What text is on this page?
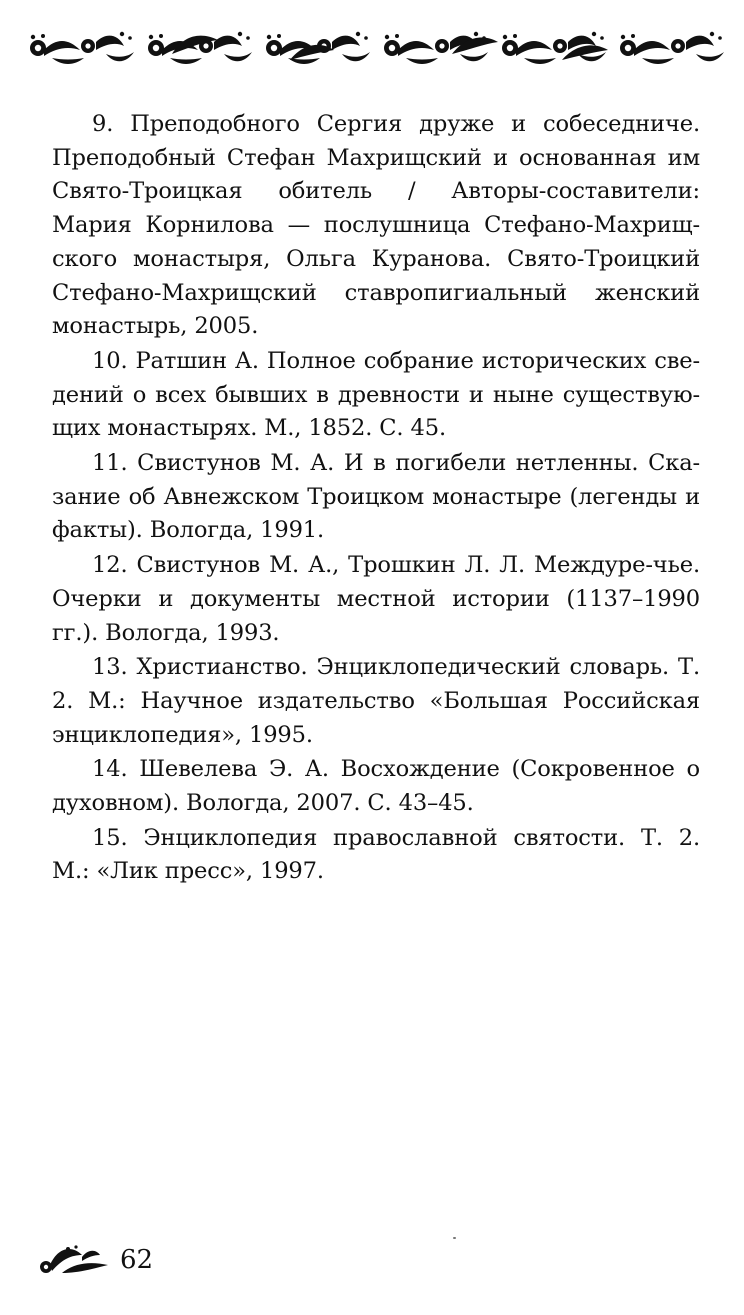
9. Преподобного Сергия друже и собеседниче. Преподобный Стефан Махрищский и основанная им Свято-Троицкая обитель / Авторы-составители: Мария Корнилова — послушница Стефано-Махрищ-ского монастыря, Ольга Куранова. Свято-Троицкий Стефано-Махрищский ставропигиальный женский монастырь, 2005.
10. Ратшин А. Полное собрание исторических све-дений о всех бывших в древности и ныне существую-щих монастырях. М., 1852. С. 45.
11. Свистунов М. А. И в погибели нетленны. Ска-зание об Авнежском Троицком монастыре (легенды и факты). Вологда, 1991.
12. Свистунов М. А., Трошкин Л. Л. Междуре-чье. Очерки и документы местной истории (1137–1990 гг.). Вологда, 1993.
13. Христианство. Энциклопедический словарь. Т. 2. М.: Научное издательство «Большая Российская энциклопедия», 1995.
14. Шевелева Э. А. Восхождение (Сокровенное о духовном). Вологда, 2007. С. 43–45.
15. Энциклопедия православной святости. Т. 2. М.: «Лик пресс», 1997.
62
